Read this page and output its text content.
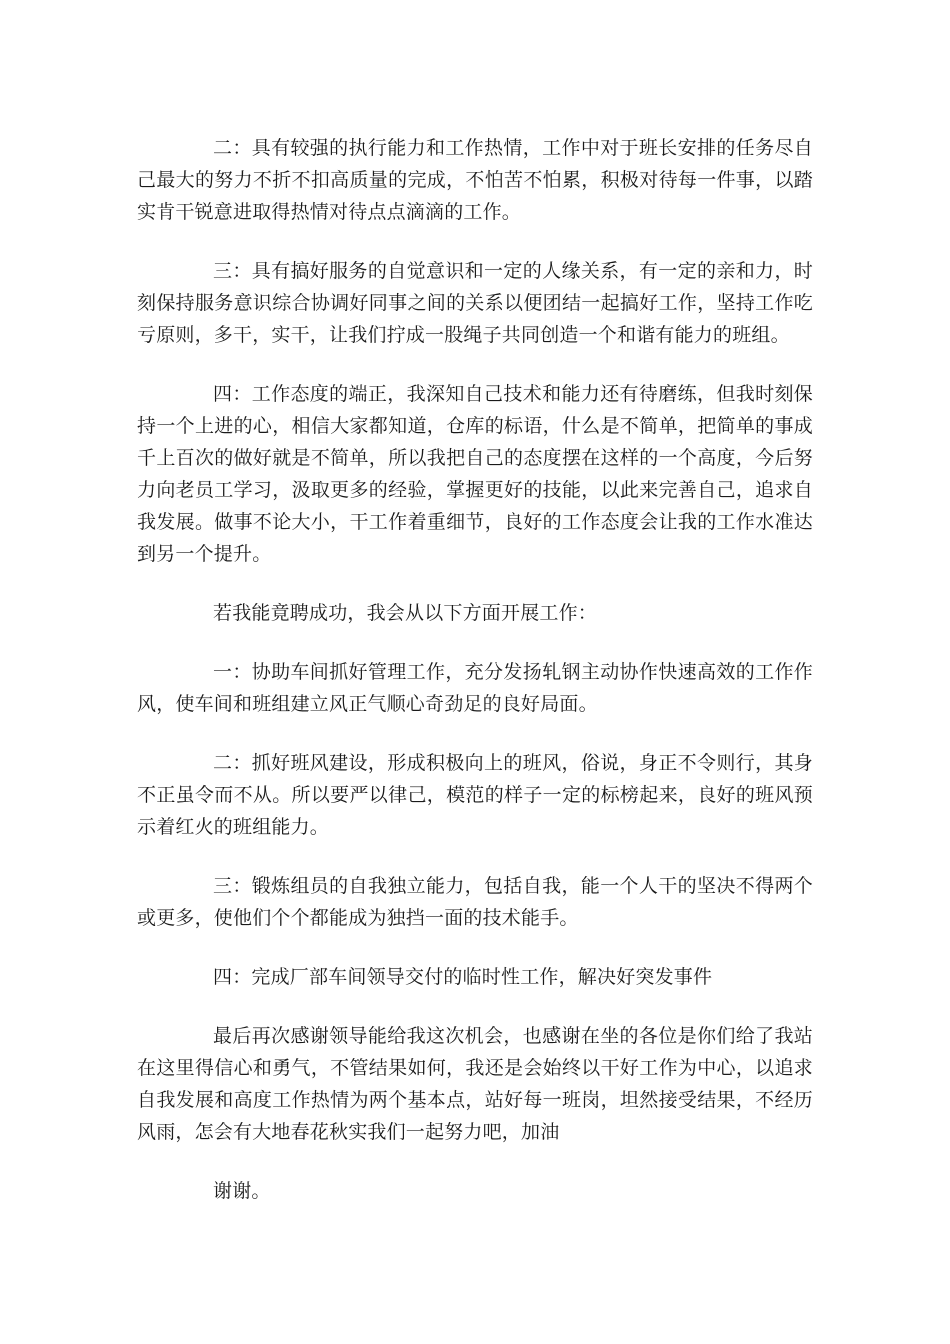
二：具有较强的执行能力和工作热情，工作中对于班长安排的任务尽自己最大的努力不折不扣高质量的完成，不怕苦不怕累，积极对待每一件事，以踏实肯干锐意进取得热情对待点点滴滴的工作。

三：具有搞好服务的自觉意识和一定的人缘关系，有一定的亲和力，时刻保持服务意识综合协调好同事之间的关系以便团结一起搞好工作，坚持工作吃亏原则，多干，实干，让我们拧成一股绳子共同创造一个和谐有能力的班组。

四：工作态度的端正，我深知自己技术和能力还有待磨练，但我时刻保持一个上进的心，相信大家都知道，仓库的标语，什么是不简单，把简单的事成千上百次的做好就是不简单，所以我把自己的态度摆在这样的一个高度，今后努力向老员工学习，汲取更多的经验，掌握更好的技能，以此来完善自己，追求自我发展。做事不论大小，干工作着重细节，良好的工作态度会让我的工作水准达到另一个提升。

若我能竟聘成功，我会从以下方面开展工作：

一：协助车间抓好管理工作，充分发扬轧钢主动协作快速高效的工作作风，使车间和班组建立风正气顺心奇劲足的良好局面。

二：抓好班风建设，形成积极向上的班风，俗说，身正不令则行，其身不正虽令而不从。所以要严以律己，模范的样子一定的标榜起来，良好的班风预示着红火的班组能力。

三：锻炼组员的自我独立能力，包括自我，能一个人干的坚决不得两个或更多，使他们个个都能成为独挡一面的技术能手。

四：完成厂部车间领导交付的临时性工作，解决好突发事件

最后再次感谢领导能给我这次机会，也感谢在坐的各位是你们给了我站在这里得信心和勇气，不管结果如何，我还是会始终以干好工作为中心，以追求自我发展和高度工作热情为两个基本点，站好每一班岗，坦然接受结果，不经历风雨，怎会有大地春花秋实我们一起努力吧，加油

谢谢。
